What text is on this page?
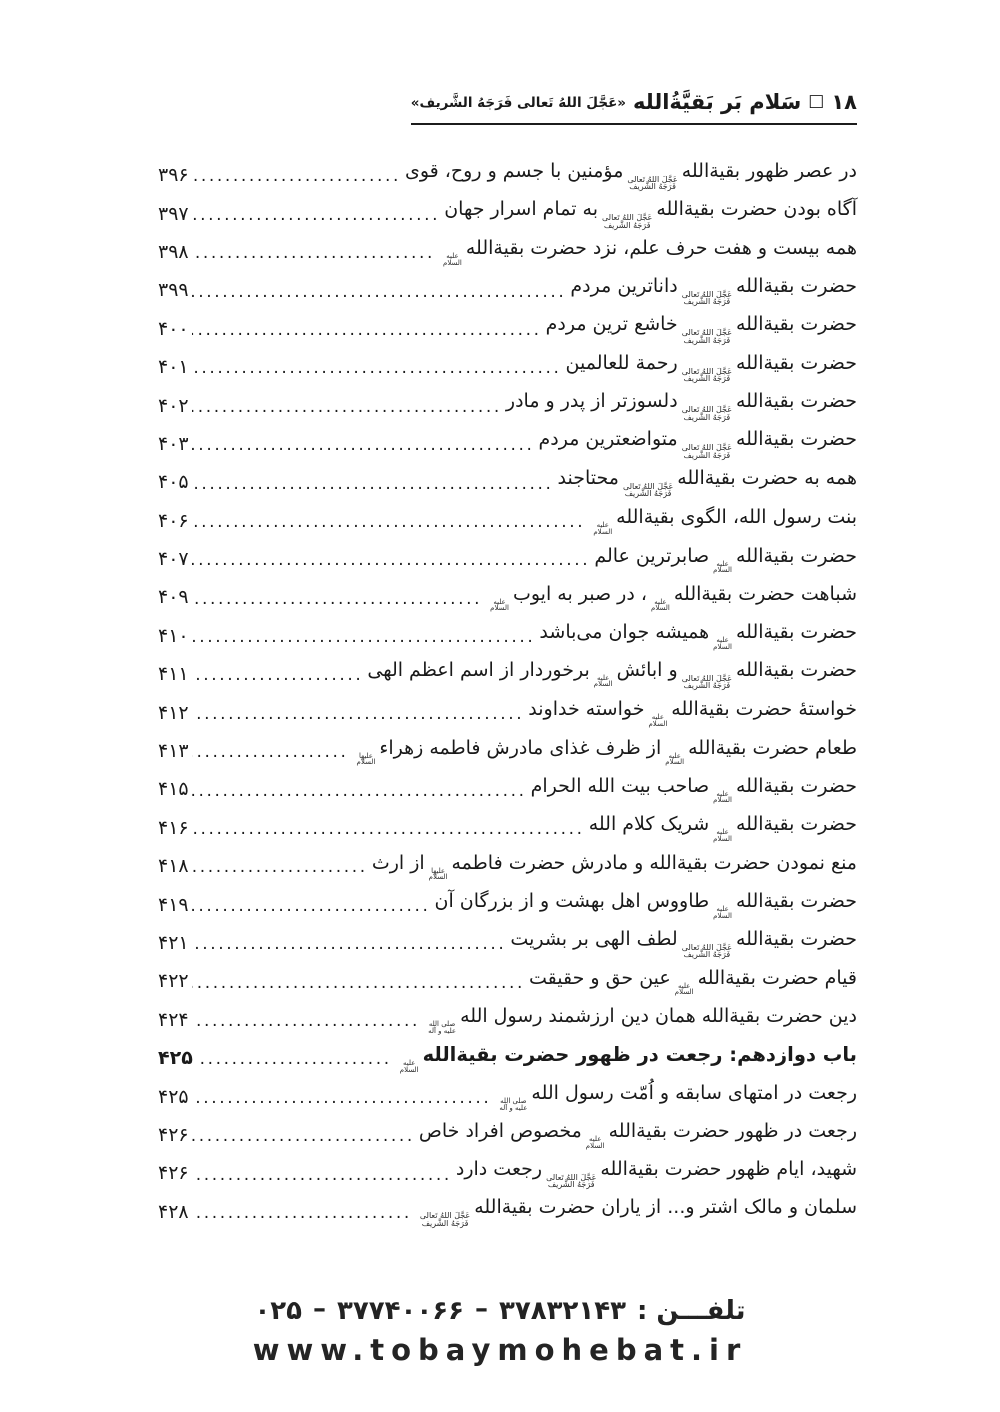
۱۸
□
سَلام بَر بَقیَّةُالله
«عَجَّلَ اللهُ تَعالی فَرَجَهُ الشَّریف»
در عصر ظهور بقیة‌الله
عَجَّلَ اللهُ تَعالی
فَرَجَهُ الشَّریف
مؤمنین با جسم و روح، قوی
.....
۳۹۶
آگاه بودن حضرت بقیة‌الله
عَجَّلَ اللهُ تَعالی
فَرَجَهُ الشَّریف
به تمام اسرار جهان
.....
۳۹۷
همه بیست و هفت حرف علم، نزد حضرت بقیة‌الله
علیه
السلام
.....
۳۹۸
حضرت بقیة‌الله
عَجَّلَ اللهُ تَعالی
فَرَجَهُ الشَّریف
داناترین مردم
.....
۳۹۹
حضرت بقیة‌الله
عَجَّلَ اللهُ تَعالی
فَرَجَهُ الشَّریف
خاشع ترین مردم
.....
۴۰۰
حضرت بقیة‌الله
عَجَّلَ اللهُ تَعالی
فَرَجَهُ الشَّریف
رحمة للعالمین
.....
۴۰۱
حضرت بقیة‌الله
عَجَّلَ اللهُ تَعالی
فَرَجَهُ الشَّریف
دلسوزتر از پدر و مادر
.....
۴۰۲
حضرت بقیة‌الله
عَجَّلَ اللهُ تَعالی
فَرَجَهُ الشَّریف
متواضعترین مردم
.....
۴۰۳
همه به حضرت بقیة‌الله
عَجَّلَ اللهُ تَعالی
فَرَجَهُ الشَّریف
محتاجند
.....
۴۰۵
بنت رسول الله، الگوی بقیة‌الله
علیه
السلام
.....
۴۰۶
حضرت بقیة‌الله
علیه
السلام
صابرترین عالم
.....
۴۰۷
شباهت حضرت بقیة‌الله
علیه
السلام
، در صبر به ایوب
علیه
السلام
.....
۴۰۹
حضرت بقیة‌الله
علیه
السلام
همیشه جوان می‌باشد
.....
۴۱۰
حضرت بقیة‌الله
عَجَّلَ اللهُ تَعالی
فَرَجَهُ الشَّریف
و ابائش
علیه
السلام
برخوردار از اسم اعظم الهی
.....
۴۱۱
خواستهٔ حضرت بقیة‌الله
علیه
السلام
خواسته خداوند
.....
۴۱۲
طعام حضرت بقیة‌الله
علیه
السلام
از ظرف غذای مادرش فاطمه زهراء
علیها
السلام
.....
۴۱۳
حضرت بقیة‌الله
علیه
السلام
صاحب بیت الله الحرام
.....
۴۱۵
حضرت بقیة‌الله
علیه
السلام
شریک کلام الله
.....
۴۱۶
منع نمودن حضرت بقیة‌الله و مادرش حضرت فاطمه
علیها
السلام
از ارث
.....
۴۱۸
حضرت بقیة‌الله
علیه
السلام
طاووس اهل بهشت و از بزرگان آن
.....
۴۱۹
حضرت بقیة‌الله
عَجَّلَ اللهُ تَعالی
فَرَجَهُ الشَّریف
لطف الهی بر بشریت
.....
۴۲۱
قیام حضرت بقیة‌الله
علیه
السلام
عین حق و حقیقت
.....
۴۲۲
دین حضرت بقیة‌الله همان دین ارزشمند رسول الله
صلی الله
علیه و آله
.....
۴۲۴
باب دوازدهم: رجعت در ظهور حضرت بقیة‌الله
علیه
السلام
.....
۴۲۵
رجعت در امتهای سابقه و اُمّت رسول الله
صلی الله
علیه و آله
.....
۴۲۵
رجعت در ظهور حضرت بقیة‌الله
علیه
السلام
مخصوص افراد خاص
.....
۴۲۶
شهید، ایام ظهور حضرت بقیة‌الله
عَجَّلَ اللهُ تَعالی
فَرَجَهُ الشَّریف
رجعت دارد
.....
۴۲۶
سلمان و مالک اشتر و... از یاران حضرت بقیة‌الله
عَجَّلَ اللهُ تَعالی
فَرَجَهُ الشَّریف
.....
۴۲۸
تلفـــن :
۳۷۸۳۲۱۴۳
–
۳۷۷۴۰۰۶۶
–
۰۲۵
www.tobaymohebat.ir
